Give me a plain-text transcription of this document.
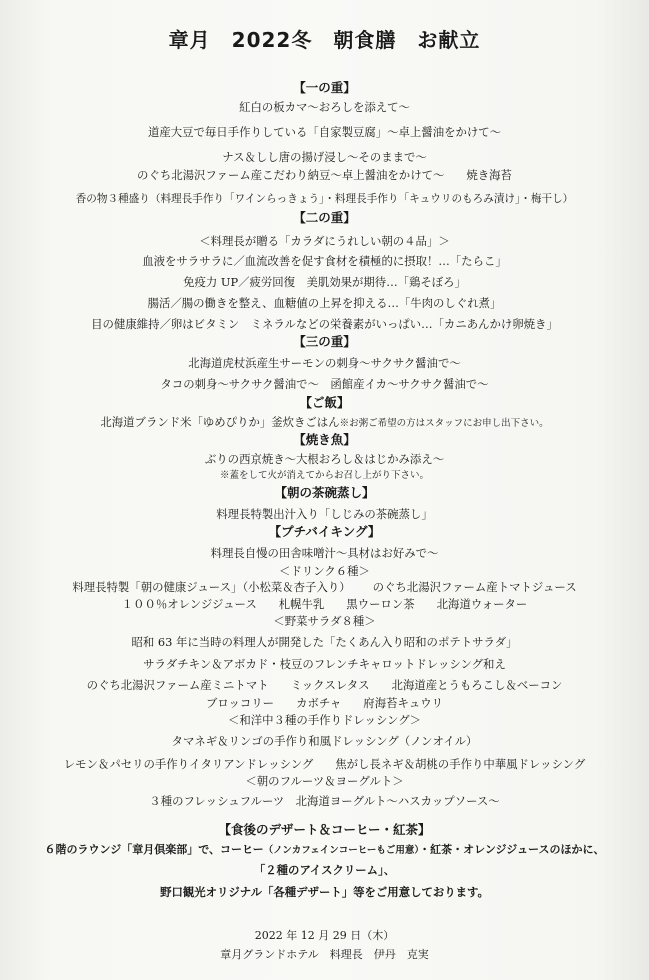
章月　2022冬　朝食膳　お献立
【一の重】
紅白の板カマ～おろしを添えて～
道産大豆で毎日手作りしている「自家製豆腐」～卓上醤油をかけて～
ナス＆しし唐の揚げ浸し～そのままで～
のぐち北湯沢ファーム産こだわり納豆～卓上醤油をかけて～ 焼き海苔
香の物３種盛り（料理長手作り「ワインらっきょう」・料理長手作り「キュウリのもろみ漬け」・梅干し）
【二の重】
＜料理長が贈る「カラダにうれしい朝の４品」＞
血液をサラサラに／血流改善を促す食材を積極的に摂取！…「たらこ」
免疫力 UP／疲労回復　美肌効果が期待…「鶏そぼろ」
腸活／腸の働きを整え、血糖値の上昇を抑える…「牛肉のしぐれ煮」
目の健康維持／卵はビタミン　ミネラルなどの栄養素がいっぱい…「カニあんかけ卵焼き」
【三の重】
北海道虎杖浜産生サーモンの刺身～サクサク醤油で～
タコの刺身～サクサク醤油で～　函館産イカ～サクサク醤油で～
【ご飯】
北海道ブランド米「ゆめぴりか」釜炊きごはん※お粥ご希望の方はスタッフにお申し出下さい。
【焼き魚】
ぶりの西京焼き～大根おろし＆はじかみ添え～
※蓋をして火が消えてからお召し上がり下さい。
【朝の茶碗蒸し】
料理長特製出汁入り「しじみの茶碗蒸し」
【プチバイキング】
料理長自慢の田舎味噌汁～具材はお好みで～
＜ドリンク６種＞
料理長特製「朝の健康ジュース」（小松菜＆杏子入り） のぐち北湯沢ファーム産トマトジュース
１００％オレンジジュース 札幌牛乳 黒ウーロン茶 北海道ウォーター
＜野菜サラダ８種＞
昭和 63 年に当時の料理人が開発した「たくあん入り昭和のポテトサラダ」
サラダチキン＆アボカド・枝豆のフレンチキャロットドレッシング和え
のぐち北湯沢ファーム産ミニトマト ミックスレタス 北海道産とうもろこし＆ベーコン
ブロッコリー カボチャ 府海苔キュウリ
＜和洋中３種の手作りドレッシング＞
タマネギ＆リンゴの手作り和風ドレッシング（ノンオイル）
レモン＆パセリの手作りイタリアンドレッシング 焦がし長ネギ＆胡桃の手作り中華風ドレッシング
＜朝のフルーツ＆ヨーグルト＞
３種のフレッシュフルーツ　北海道ヨーグルト～ハスカップソース～
【食後のデザート＆コーヒー・紅茶】
６階のラウンジ「章月倶楽部」で、コーヒー（ノンカフェインコーヒーもご用意）・紅茶・オレンジジュースのほかに、
「２種のアイスクリーム」、
野口観光オリジナル「各種デザート」等をご用意しております。
2022 年 12 月 29 日（木）
章月グランドホテル　料理長　伊丹　克実
